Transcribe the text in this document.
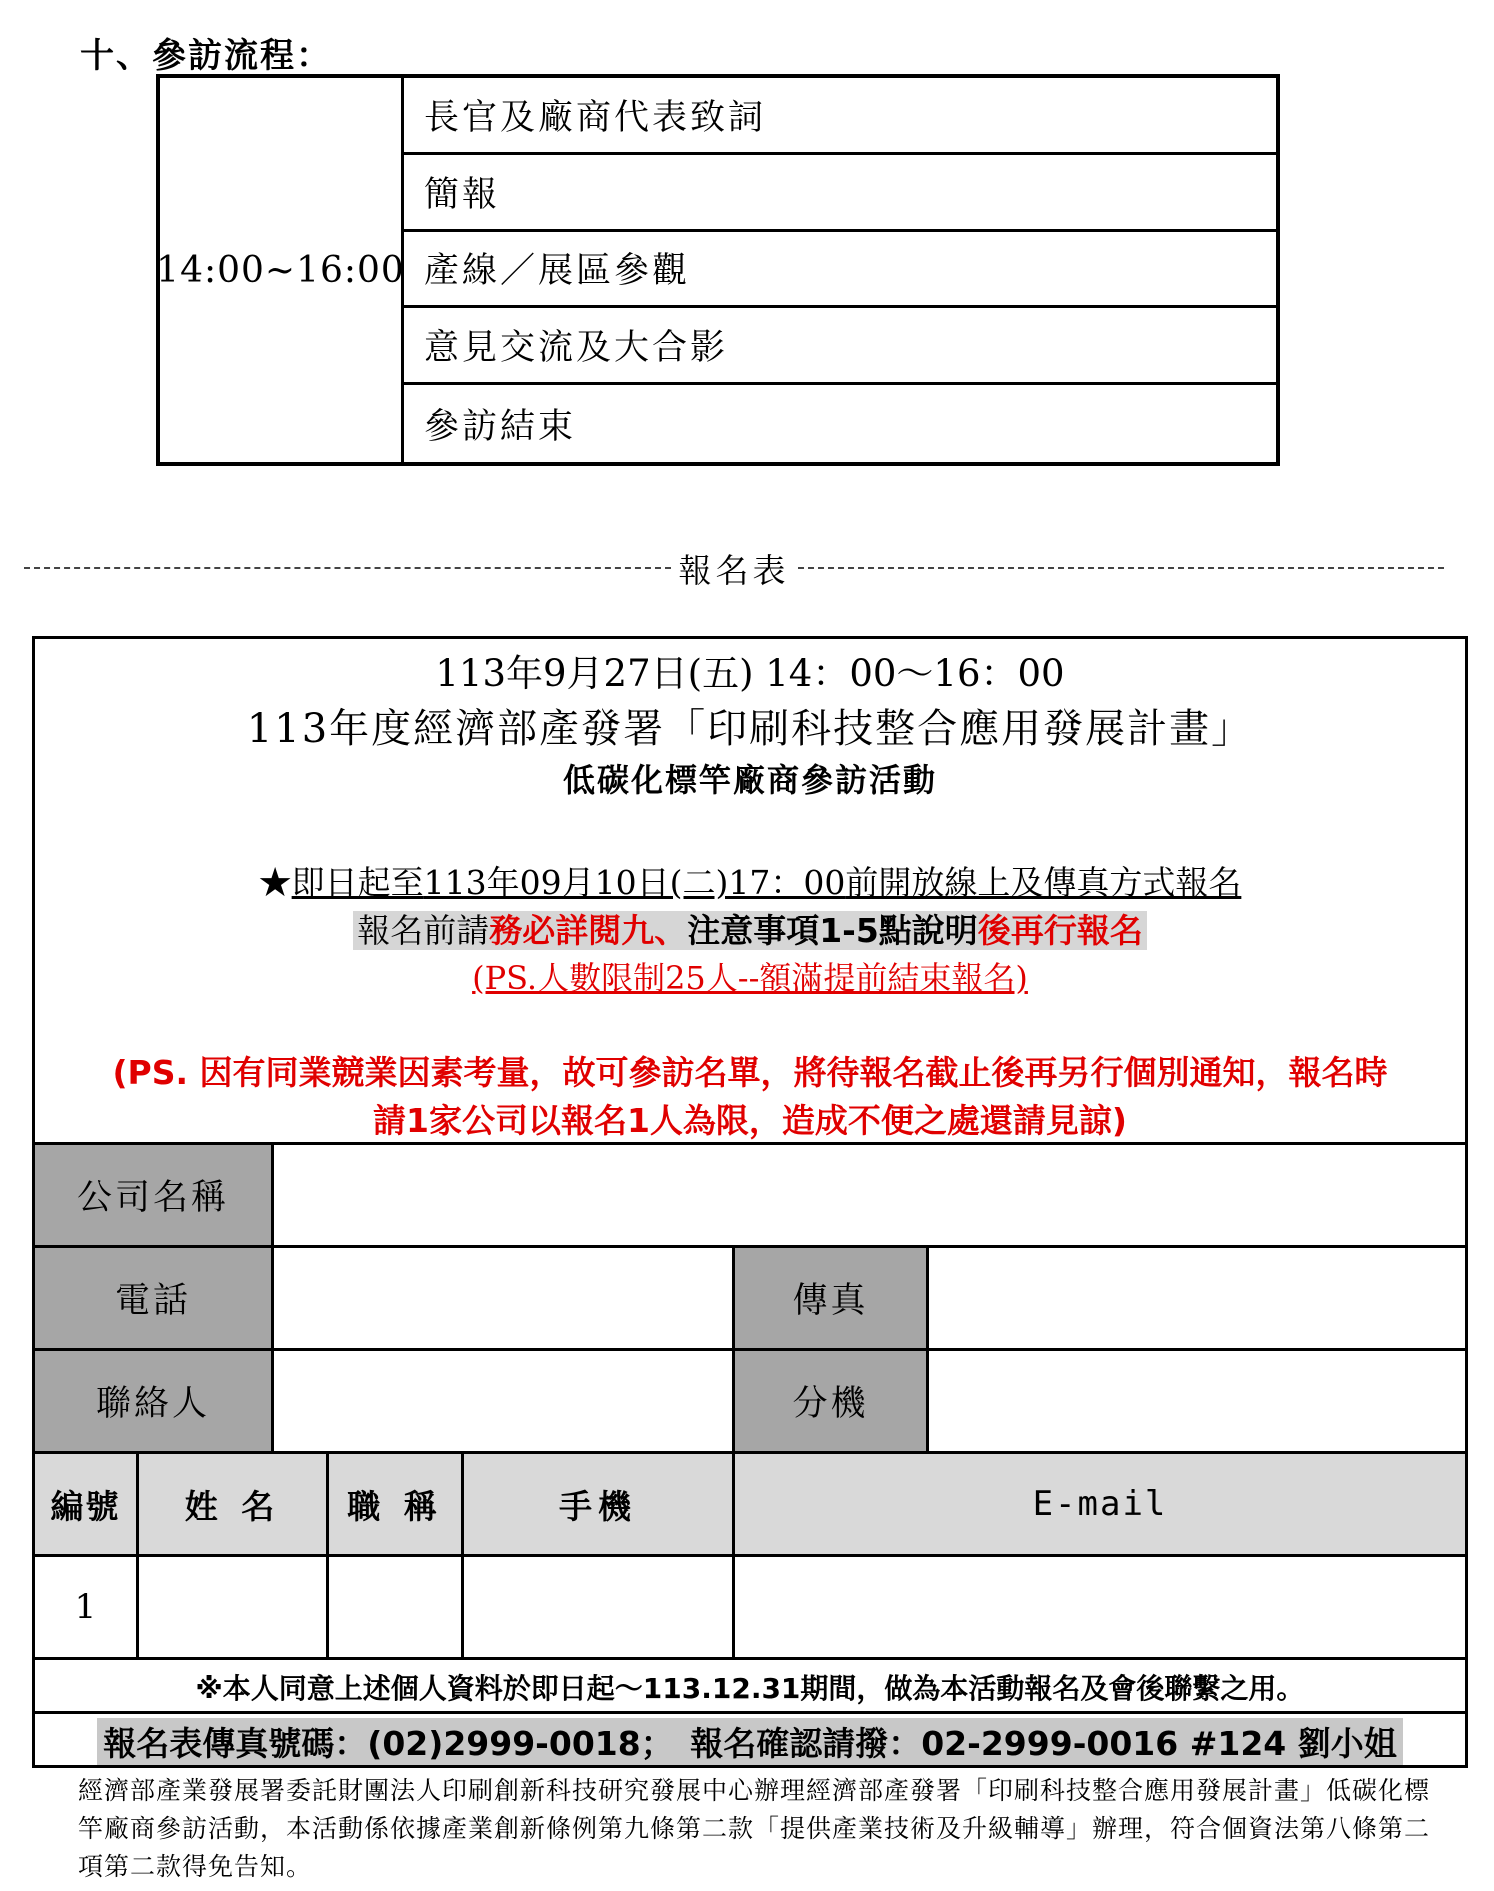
十、參訪流程：
14:00~16:00
長官及廠商代表致詞
簡報
產線／展區參觀
意見交流及大合影
參訪結束
報名表
113年9月27日(五) 14：00～16：00
113年度經濟部產發署「印刷科技整合應用發展計畫」
低碳化標竿廠商參訪活動
★即日起至113年09月10日(二)17：00前開放線上及傳真方式報名
報名前請務必詳閱九、注意事項1-5點說明後再行報名
(PS.人數限制25人--額滿提前結束報名)
(PS. 因有同業競業因素考量，故可參訪名單，將待報名截止後再另行個別通知，報名時
請1家公司以報名1人為限，造成不便之處還請見諒)
公司名稱
電話	傳真
聯絡人	分機
編號	姓 名	職 稱	手機	E-mail
1
※本人同意上述個人資料於即日起～113.12.31期間，做為本活動報名及會後聯繫之用。
報名表傳真號碼：(02)2999-0018；　報名確認請撥：02-2999-0016 #124 劉小姐
經濟部產業發展署委託財團法人印刷創新科技研究發展中心辦理經濟部產發署「印刷科技整合應用發展計畫」低碳化標竿廠商參訪活動，本活動係依據產業創新條例第九條第二款「提供產業技術及升級輔導」辦理，符合個資法第八條第二項第二款得免告知。
